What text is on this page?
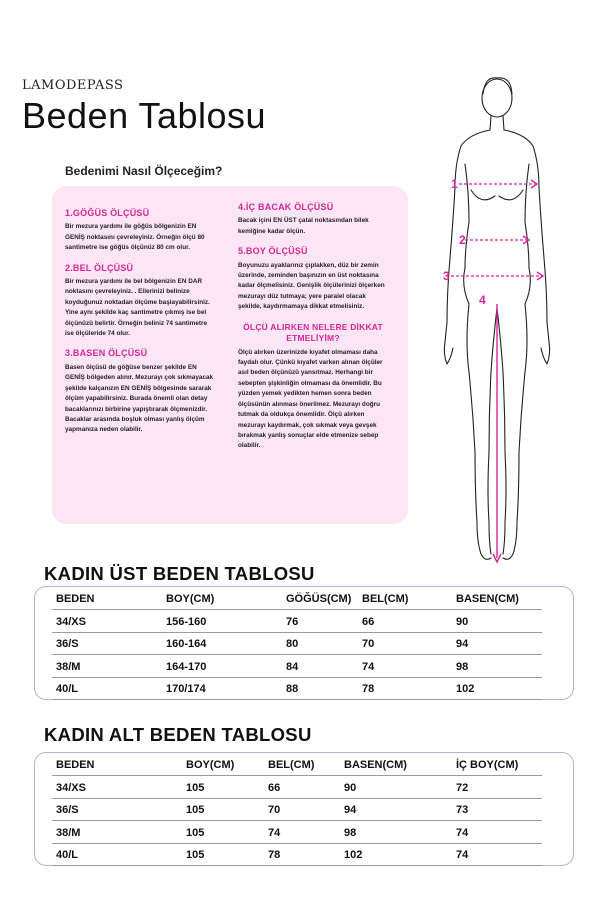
LAMODEPASS
Beden Tablosu
Bedenimi Nasıl Ölçeceğim?
1.GÖĞÜS ÖLÇÜSÜ
Bir mezura yardımı ile göğüs bölgenizin EN GENİŞ noktasını çevreleyiniz. Örneğin ölçü 80 santimetre ise göğüs ölçünüz 80 cm olur.
2.BEL ÖLÇÜSÜ
Bir mezura yardımı ile bel bölgenizin EN DAR noktasını çevreleyiniz. . Ellerinizi belinize koyduğunuz noktadan ölçüme başlayabilirsiniz. Yine aynı şekilde kaç santimetre çıkmış ise bel ölçünüzü belirtir. Örneğin beliniz 74 santimetre ise ölçüleride 74 olur.
3.BASEN ÖLÇÜSÜ
Basen ölçüsü de göğüse benzer şekilde EN GENİŞ bölgeden alınır. Mezurayı çok sıkmayacak şekilde kalçanızın EN GENİŞ bölgesinde sararak ölçüm yapabilirsiniz. Burada önemli olan detay bacaklarınızı birbirine yapıştırarak ölçmenizdir. Bacaklar arasında boşluk olması yanlış ölçüm yapmanıza neden olabilir.
4.İÇ BACAK ÖLÇÜSÜ
Bacak içini EN ÜST çatal noktasından bilek kemiğine kadar ölçün.
5.BOY ÖLÇÜSÜ
Boyunuzu ayaklarınız çıplakken, düz bir zemin üzerinde, zeminden başınızın en üst noktasına kadar ölçmelisiniz. Genişlik ölçülerinizi ölçerken mezurayı düz tutmaya; yere paralel olacak şekilde, kaydırmamaya dikkat etmelisiniz.
ÖLÇÜ ALIRKEN NELERE DİKKAT ETMELİYİM?
Ölçü alırken üzerinizde kıyafet olmaması daha faydalı olur. Çünkü kıyafet varken alınan ölçüler asıl beden ölçünüzü yansıtmaz. Herhangi bir sebepten şişkinliğin olmaması da önemlidir. Bu yüzden yemek yedikten hemen sonra beden ölçüsünün alınması önerilmez. Mezurayı doğru tutmak da oldukça önemlidir. Ölçü alırken mezurayı kaydırmak, çok sıkmak veya gevşek bırakmak yanlış sonuçlar elde etmenize sebep olabilir.
1
2
3
4
KADIN ÜST BEDEN TABLOSU
BEDEN	BOY(CM)	GÖĞÜS(CM) BEL(CM)	BASEN(CM)
34/XS	156-160	76	66	90
36/S	160-164	80	70	94
38/M	164-170	84	74	98
40/L	170/174	88	78	102
KADIN ALT BEDEN TABLOSU
BEDEN	BOY(CM)	BEL(CM)	BASEN(CM)	İÇ BOY(CM)
34/XS	105	66	90	72
36/S	105	70	94	73
38/M	105	74	98	74
40/L	105	78	102	74
